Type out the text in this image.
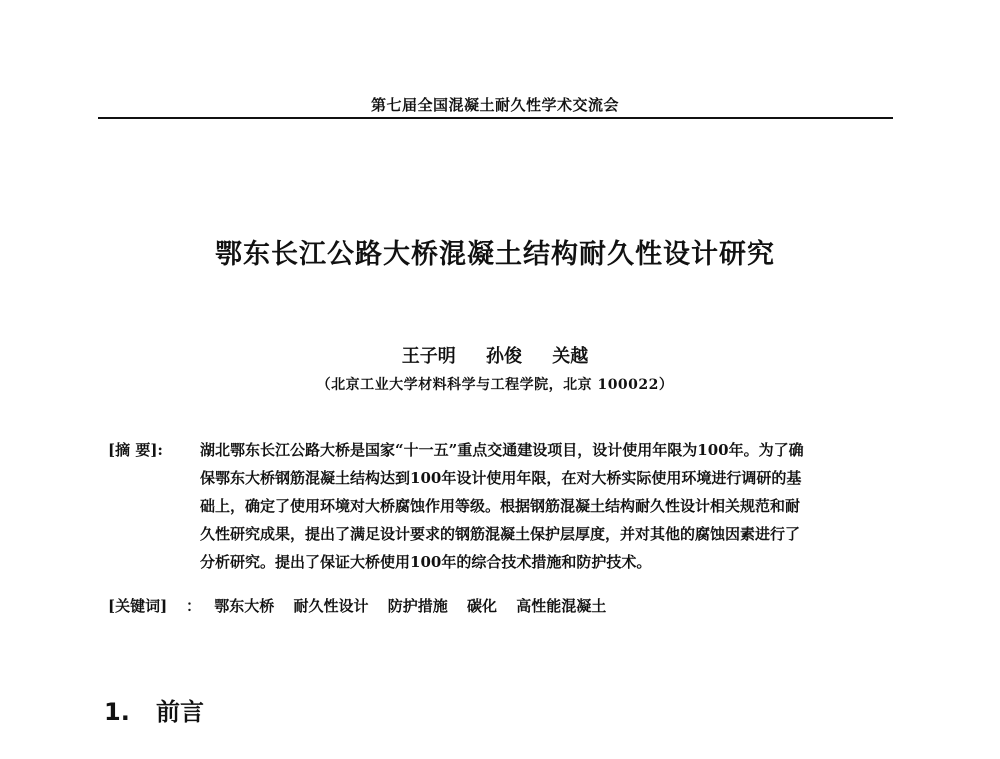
第七届全国混凝土耐久性学术交流会
鄂东长江公路大桥混凝土结构耐久性设计研究
王子明 孙俊 关越
（北京工业大学材料科学与工程学院，北京 100022）
[摘 要]: 湖北鄂东长江公路大桥是国家“十一五”重点交通建设项目，设计使用年限为100年。为了确
保鄂东大桥钢筋混凝土结构达到100年设计使用年限，在对大桥实际使用环境进行调研的基
础上，确定了使用环境对大桥腐蚀作用等级。根据钢筋混凝土结构耐久性设计相关规范和耐
久性研究成果，提出了满足设计要求的钢筋混凝土保护层厚度，并对其他的腐蚀因素进行了
分析研究。提出了保证大桥使用100年的综合技术措施和防护技术。
[关键词] ： 鄂东大桥 耐久性设计 防护措施 碳化 高性能混凝土
1. 前言
